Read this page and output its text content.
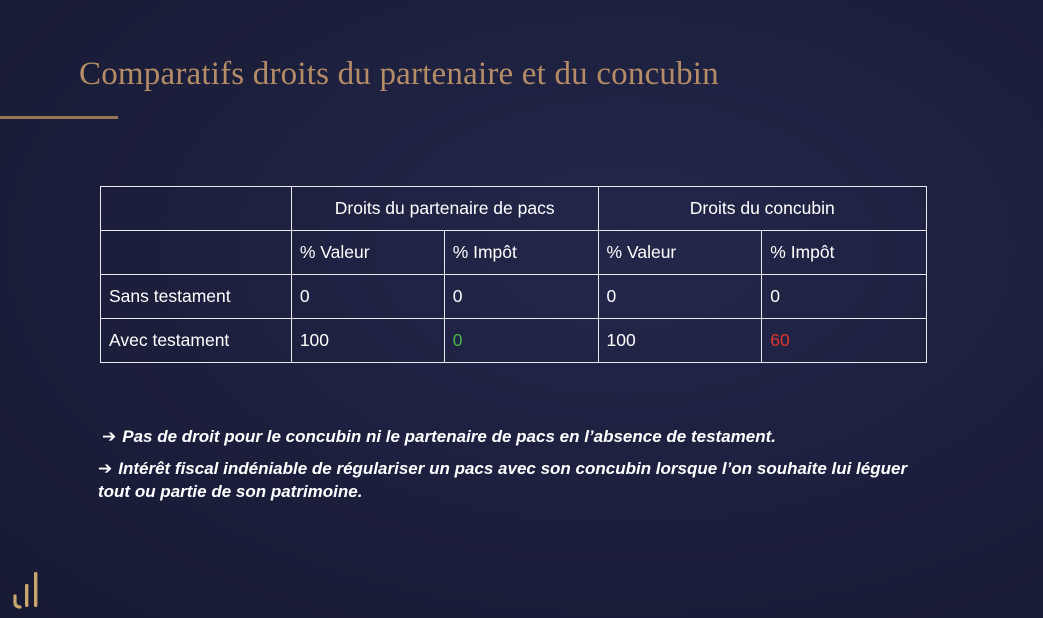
Comparatifs droits du partenaire et du concubin
	Droits du partenaire de pacs		Droits du concubin	
	% Valeur	% Impôt	% Valeur	% Impôt
Sans testament	0	0	0	0
Avec testament	100	0	100	60

➔ Pas de droit pour le concubin ni le partenaire de pacs en l’absence de testament.

➔ Intérêt fiscal indéniable de régulariser un pacs avec son concubin lorsque l’on souhaite lui léguer tout ou partie de son patrimoine.
